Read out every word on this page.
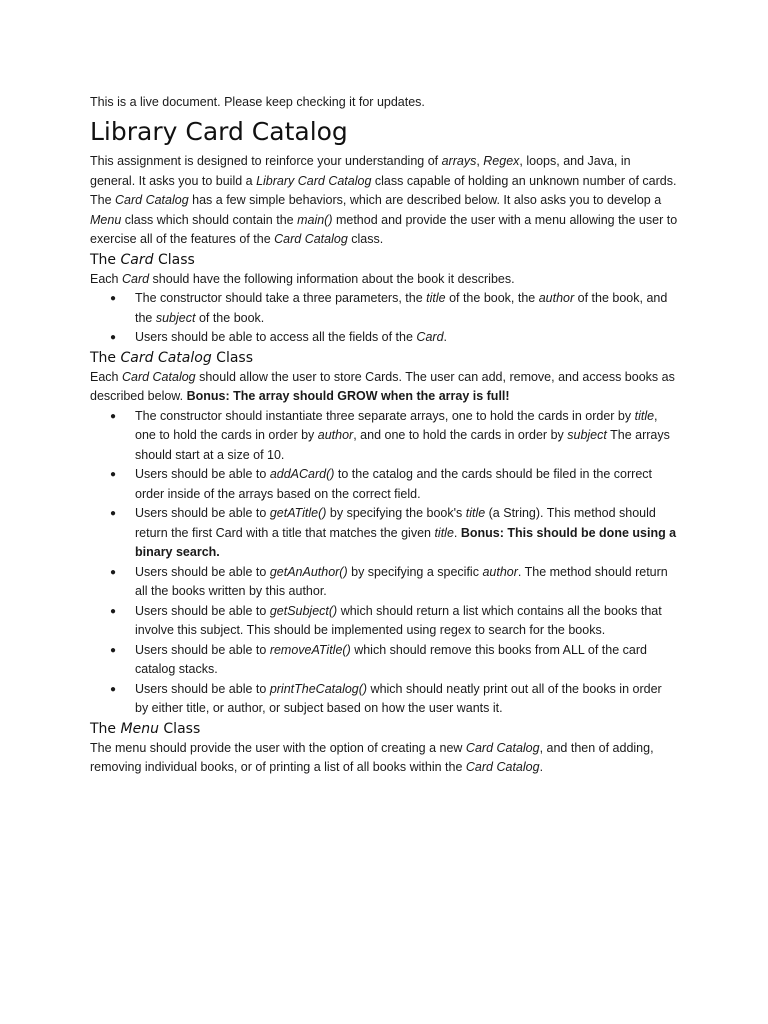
This is a live document. Please keep checking it for updates.

Library Card Catalog

This assignment is designed to reinforce your understanding of arrays, Regex, loops, and Java, in general. It asks you to build a Library Card Catalog class capable of holding an unknown number of cards. The Card Catalog has a few simple behaviors, which are described below. It also asks you to develop a Menu class which should contain the main() method and provide the user with a menu allowing the user to exercise all of the features of the Card Catalog class.

The Card Class

Each Card should have the following information about the book it describes.

● The constructor should take a three parameters, the title of the book, the author of the book, and the subject of the book.
● Users should be able to access all the fields of the Card.
The Card Catalog Class

Each Card Catalog should allow the user to store Cards. The user can add, remove, and access books as described below. Bonus: The array should GROW when the array is full!

● The constructor should instantiate three separate arrays, one to hold the cards in order by title, one to hold the cards in order by author, and one to hold the cards in order by subject The arrays should start at a size of 10.
● Users should be able to addACard() to the catalog and the cards should be filed in the correct order inside of the arrays based on the correct field.
● Users should be able to getATitle() by specifying the book's title (a String). This method should return the first Card with a title that matches the given title. Bonus: This should be done using a binary search.
● Users should be able to getAnAuthor() by specifying a specific author. The method should return all the books written by this author.
● Users should be able to getSubject() which should return a list which contains all the books that involve this subject. This should be implemented using regex to search for the books.
● Users should be able to removeATitle() which should remove this books from ALL of the card catalog stacks.
● Users should be able to printTheCatalog() which should neatly print out all of the books in order by either title, or author, or subject based on how the user wants it.
The Menu Class

The menu should provide the user with the option of creating a new Card Catalog, and then of adding, removing individual books, or of printing a list of all books within the Card Catalog.
